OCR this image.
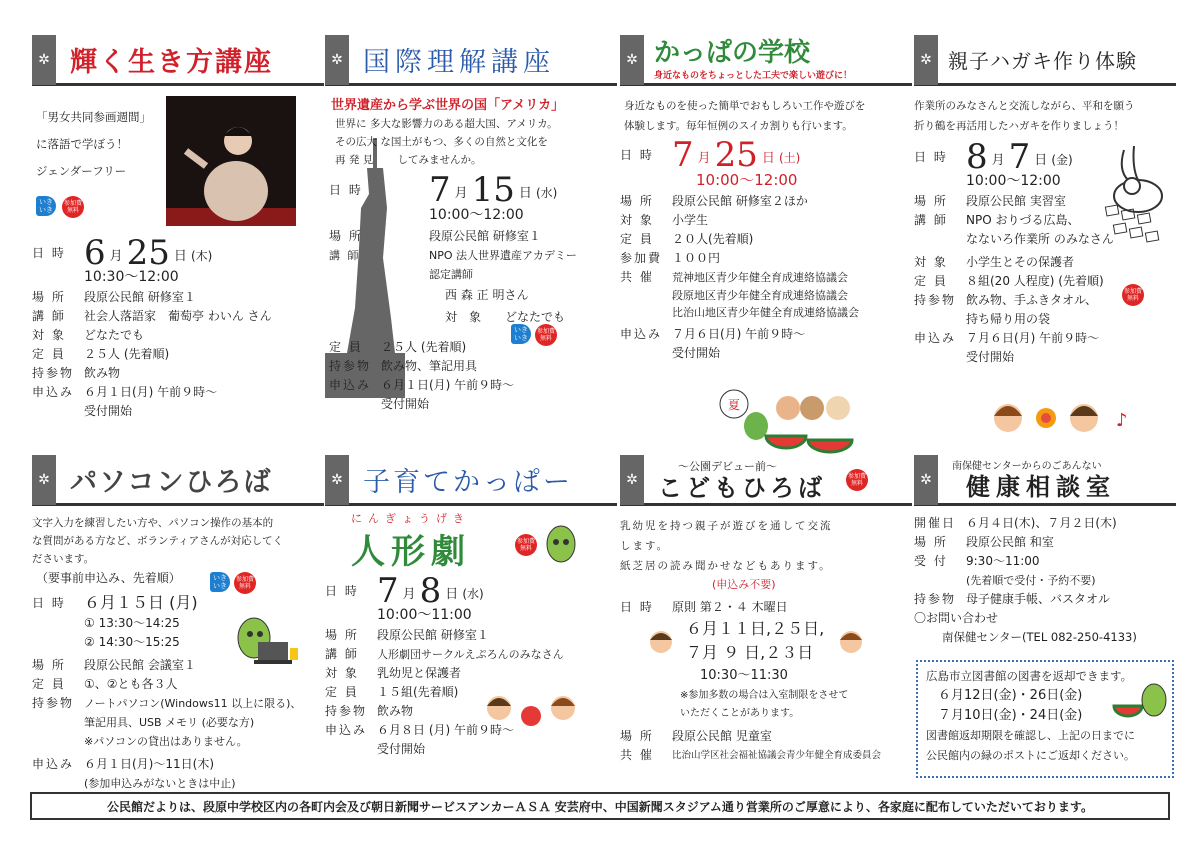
✲ 輝く生き方講座
「男女共同参画週間」
に落語で学ぼう！
ジェンダーフリー
いき いき
参加費 無料
日 時 6 月 25 日 (木)
10:30〜12:00
場 所	段原公民館 研修室１
講 師	社会人落語家　葡萄亭 わいん さん
対 象	どなたでも
定 員	２５人 (先着順)
持参物 飲み物
申込み ６月１日(月) 午前９時〜
受付開始
✲ 国際理解講座
世界遺産から学ぶ世界の国「アメリカ」
世界に 多大な影響力のある超大国、アメリカ。
その広大 な国土がもつ、多くの自然と文化を
再 発 見 　　してみませんか。
日 時	7 月 15 日 (水)
10:00〜12:00
場 所	段原公民館 研修室１
講 師	NPO 法人世界遺産アカデミー
認定講師
西 森 正 明さん
対　象　　どなたでも
いき いき
参加費 無料
定 員	２５人 (先着順)
持参物 飲み物、筆記用具
申込み ６月１日(月) 午前９時〜
受付開始
✲ かっぱの学校
身近なものをちょっとした工夫で楽しい遊びに！
身近なものを使った簡単でおもしろい工作や遊びを
体験します。毎年恒例のスイカ割りも行います。
日 時 7 月 25 日 (土)
10:00〜12:00
場 所	段原公民館 研修室２ほか
対 象	小学生
定 員	２０人(先着順)
参加費 １００円
共 催	荒神地区青少年健全育成連絡協議会
段原地区青少年健全育成連絡協議会
比治山地区青少年健全育成連絡協議会
申込み ７月６日(月) 午前９時〜
受付開始
夏
✲ 親子ハガキ作り体験
作業所のみなさんと交流しながら、平和を願う
折り鶴を再活用したハガキを作りましょう！
日 時 8 月 7 日 (金)
10:00〜12:00
場 所	段原公民館 実習室
講 師	NPO おりづる広島、
なないろ作業所 のみなさん
対 象	小学生とその保護者
定 員	８組(20 人程度) (先着順)
持参物 飲み物、手ふきタオル、
持ち帰り用の袋
申込み ７月６日(月) 午前９時〜
受付開始
参加費 無料
♪
✲ パソコンひろば
文字入力を練習したい方や、パソコン操作の基本的
な質問がある方など、ボランティアさんが対応してく
ださいます。
（要事前申込み、先着順）	いき いき
参加費 無料
日 時	６月１５日 (月)
① 13:30〜14:25
② 14:30〜15:25
場 所	段原公民館 会議室１
定 員	①、②とも各３人
持参物 ノートパソコン(Windows11 以上に限る)、
筆記用具、USB メモリ (必要な方)
※パソコンの貸出はありません。
申込み ６月１日(月)〜11日(木)
(参加申込みがないときは中止)
✲ 子育てかっぱー
にんぎょうげき
人形劇	参加費 無料
日 時 7 月 8 日 (水)
10:00〜11:00
場 所	段原公民館 研修室１
講 師	人形劇団サークルえぷろんのみなさん
対 象	乳幼児と保護者
定 員	１５組(先着順)
持参物 飲み物
申込み ６月８日 (月) 午前９時〜
受付開始
✲
〜公園デビュー前〜
こどもひろば	参加費 無料
乳幼児を持つ親子が遊びを通して交流
します。
紙芝居の読み聞かせなどもあります。
(申込み不要)
日 時	原則 第２・４ 木曜日
６月１１日,２５日,
７月 ９ 日,２３日
10:30〜11:30
※参加多数の場合は入室制限をさせて
いただくことがあります。
場 所	段原公民館 児童室
共 催	比治山学区社会福祉協議会青少年健全育成委員会
✲
南保健センターからのごあんない
健康相談室
開催日 ６月４日(木)、７月２日(木)
場 所	段原公民館 和室
受 付	9:30〜11:00
(先着順で受付・予約不要)
持参物 母子健康手帳、バスタオル
〇お問い合わせ
南保健センター(TEL 082-250-4133)
広島市立図書館の図書を返却できます。
６月12日(金)・26日(金)
７月10日(金)・24日(金)
図書館返却期限を確認し、上記の日までに
公民館内の緑のポストにご返却ください。
公民館だよりは、段原中学校区内の各町内会及び朝日新聞サービスアンカーＡＳＡ 安芸府中、中国新聞スタジアム通り営業所のご厚意により、各家庭に配布していただいております。
